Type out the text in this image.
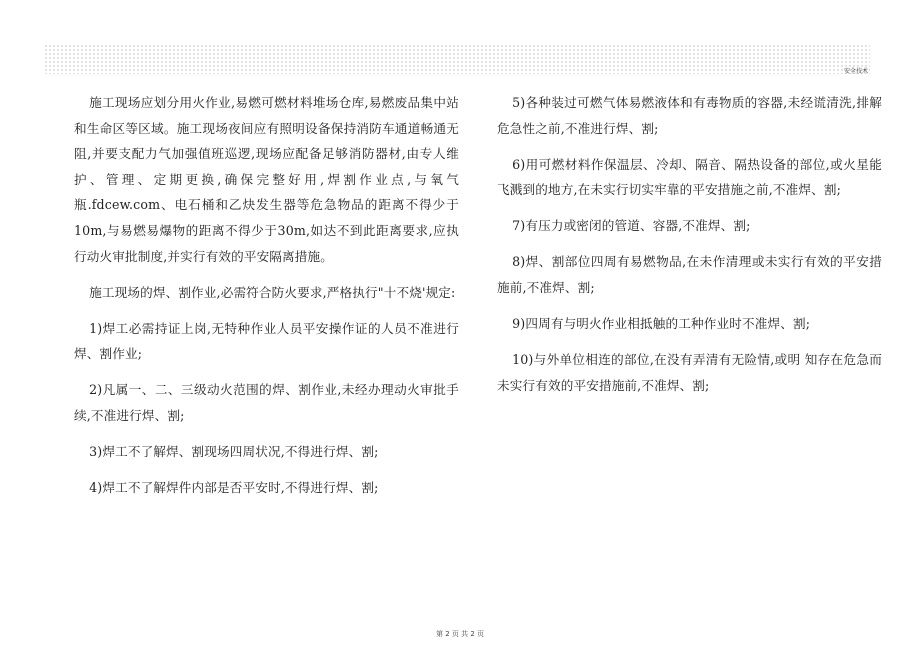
安全技术

施工现场应划分用火作业,易燃可燃材料堆场仓库,易燃废品集中站和生命区等区域。施工现场夜间应有照明设备保持消防车通道畅通无阻,并要支配力气加强值班巡逻,现场应配备足够消防器材,由专人维护、管理、定期更换,确保完整好用,焊割作业点,与氧气瓶.fdcew.com、电石桶和乙炔发生器等危急物品的距离不得少于10m,与易燃易爆物的距离不得少于30m,如达不到此距离要求,应执行动火审批制度,并实行有效的平安隔离措施。

施工现场的焊、割作业,必需符合防火要求,严格执行"十不烧'规定:

1)焊工必需持证上岗,无特种作业人员平安操作证的人员不准进行焊、割作业;

2)凡属一、二、三级动火范围的焊、割作业,未经办理动火审批手续,不准进行焊、割;

3)焊工不了解焊、割现场四周状况,不得进行焊、割;

4)焊工不了解焊件内部是否平安时,不得进行焊、割;

5)各种装过可燃气体易燃液体和有毒物质的容器,未经谎清洗,排解危急性之前,不准进行焊、割;

6)用可燃材料作保温层、冷却、隔音、隔热设备的部位,或火星能飞溅到的地方,在未实行切实牢靠的平安措施之前,不准焊、割;

7)有压力或密闭的管道、容器,不准焊、割;

8)焊、割部位四周有易燃物品,在未作清理或未实行有效的平安措施前,不准焊、割;

9)四周有与明火作业相抵触的工种作业时不准焊、割;

10)与外单位相连的部位,在没有弄清有无险情,或明 知存在危急而未实行有效的平安措施前,不准焊、割;

第 2 页 共 2 页
